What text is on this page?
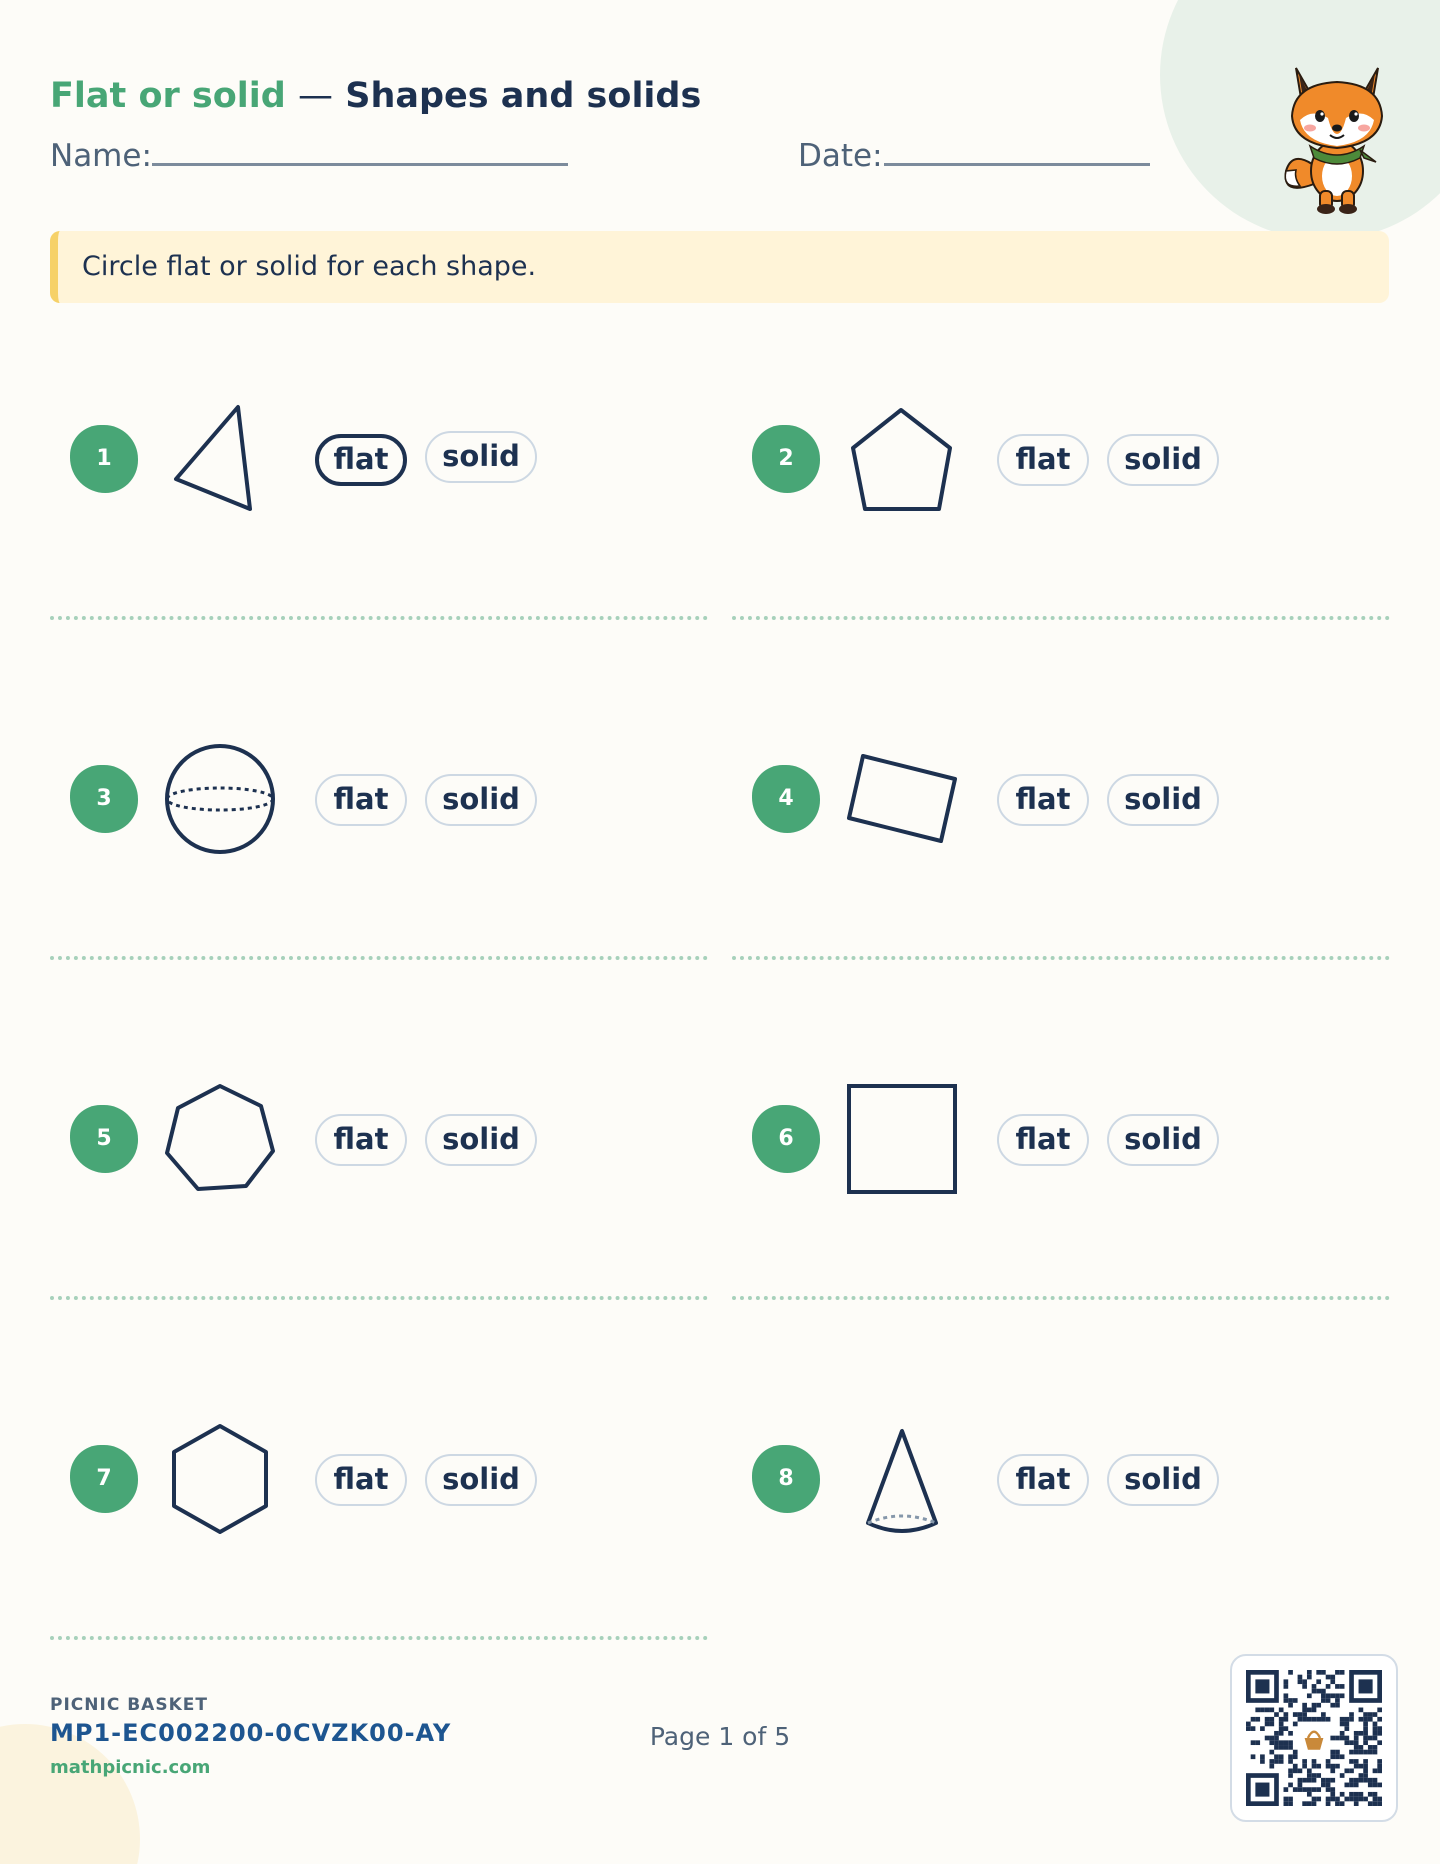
Flat or solid — Shapes and solids
Name:	Date:
Circle flat or solid for each shape.
1	flat	solid	2	flat	solid
3	flat	solid	4	flat	solid
5	flat	solid	6	flat	solid
7	flat	solid	8	flat	solid
PICNIC BASKET
MP1-EC002200-0CVZK00-AY
mathpicnic.com
Page 1 of 5
